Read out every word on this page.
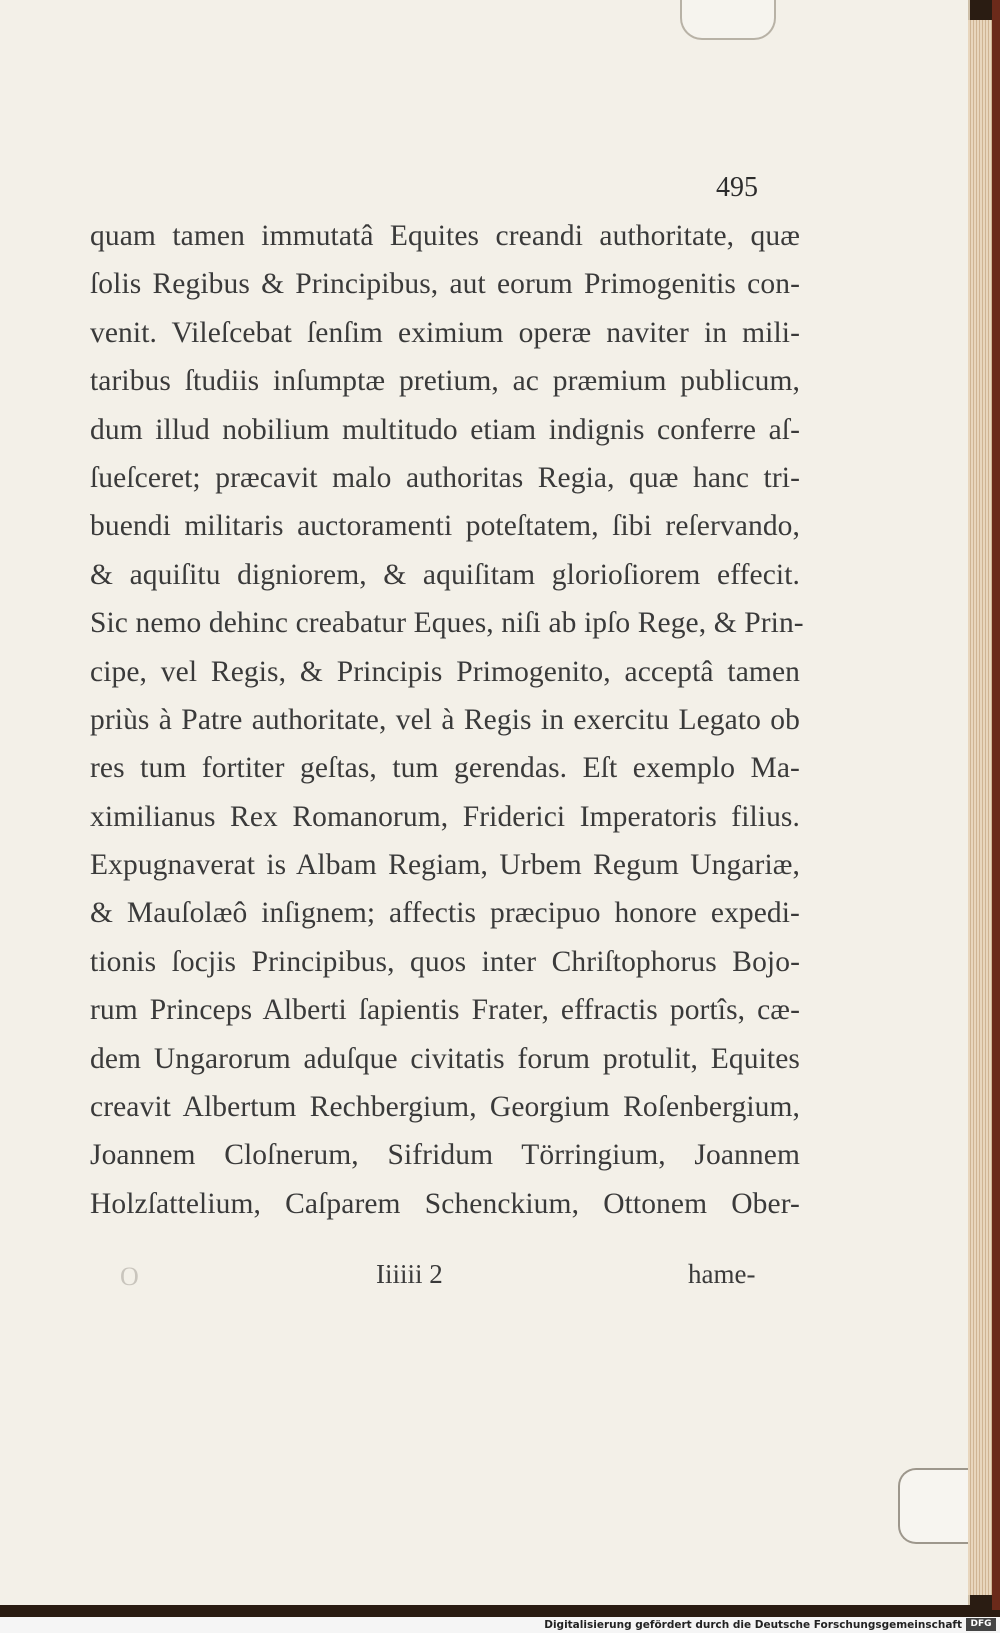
495
quam tamen immutatâ Equites creandi authoritate, quæ
ſolis Regibus & Principibus, aut eorum Primogenitis con-
venit. Vileſcebat ſenſim eximium operæ naviter in mili-
taribus ſtudiis inſumptæ pretium, ac præmium publicum,
dum illud nobilium multitudo etiam indignis conferre aſ-
ſueſceret; præcavit malo authoritas Regia, quæ hanc tri-
buendi militaris auctoramenti poteſtatem, ſibi reſervando,
& aquiſitu digniorem, & aquiſitam glorioſiorem effecit.
Sic nemo dehinc creabatur Eques, niſi ab ipſo Rege, & Prin-
cipe, vel Regis, & Principis Primogenito, acceptâ tamen
priùs à Patre authoritate, vel à Regis in exercitu Legato ob
res tum fortiter geſtas, tum gerendas. Eſt exemplo Ma-
ximilianus Rex Romanorum, Friderici Imperatoris filius.
Expugnaverat is Albam Regiam, Urbem Regum Ungariæ,
& Mauſolæô inſignem; affectis præcipuo honore expedi-
tionis ſocjis Principibus, quos inter Chriſtophorus Bojo-
rum Princeps Alberti ſapientis Frater, effractis portîs, cæ-
dem Ungarorum aduſque civitatis forum protulit, Equites
creavit Albertum Rechbergium, Georgium Roſenbergium,
Joannem Cloſnerum, Sifridum Törringium, Joannem
Holzſattelium, Caſparem Schenckium, Ottonem Ober-
O	Iiiiii 2	hame-
Digitalisierung gefördert durch die Deutsche Forschungsgemeinschaft DFG
